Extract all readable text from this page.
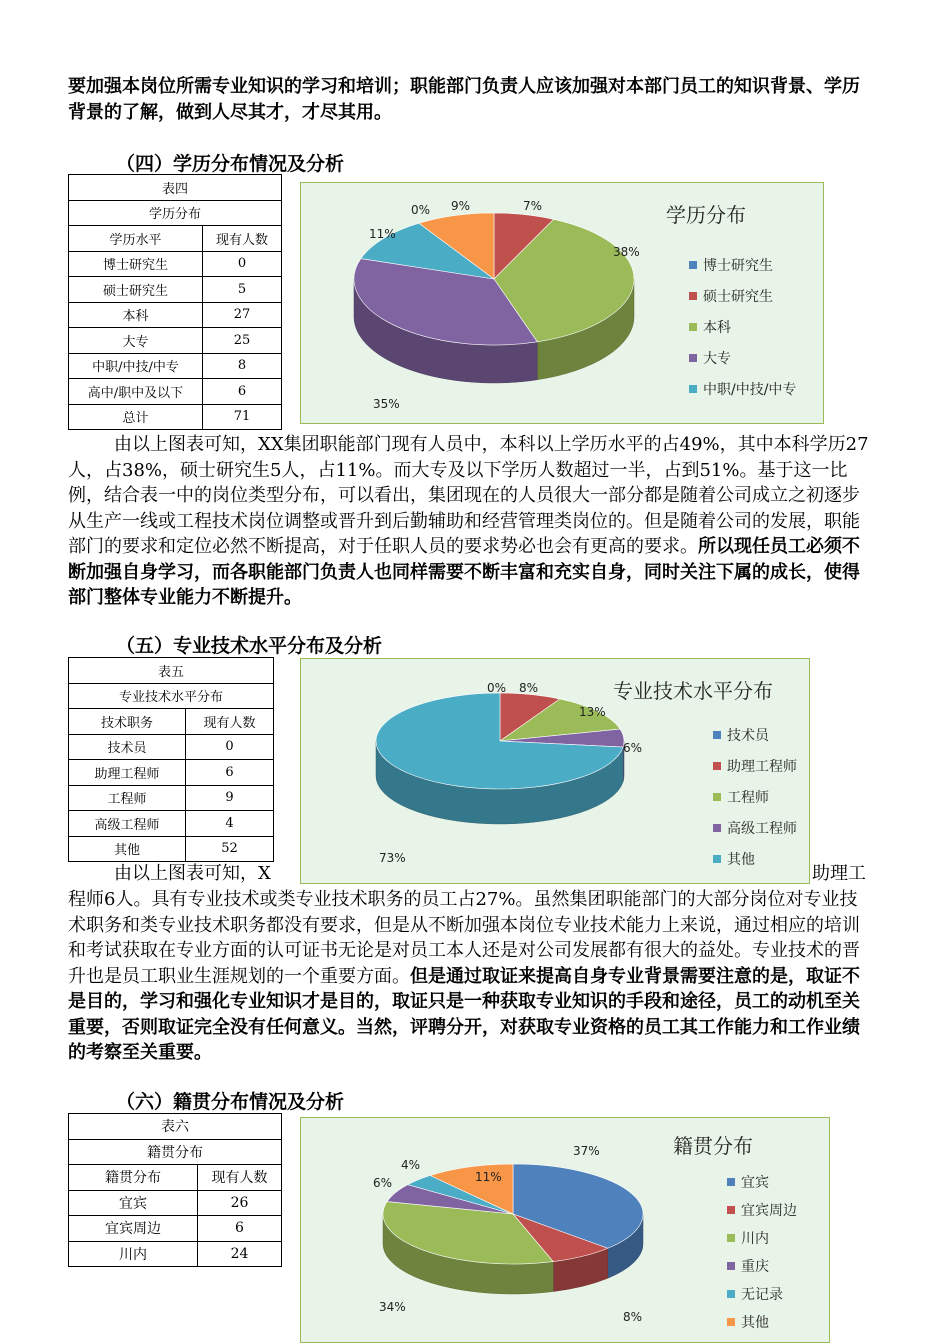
要加强本岗位所需专业知识的学习和培训；职能部门负责人应该加强对本部门员工的知识背景、学历背景的了解，做到人尽其才，才尽其用。
（四）学历分布情况及分析
表四	
学历分布	
学历水平	现有人数
博士研究生	0
硕士研究生	5
本科	27
大专	25
中职/中技/中专	8
高中/职中及以下	6
总计	71
学历分布
0%	7%
38%
35%
11%
9%
博士研究生
硕士研究生
本科
大专
中职/中技/中专
由以上图表可知，XX集团职能部门现有人员中，本科以上学历水平的占49%，其中本科学历27人，占38%，硕士研究生5人，占11%。而大专及以下学历人数超过一半，占到51%。基于这一比例，结合表一中的岗位类型分布，可以看出，集团现在的人员很大一部分都是随着公司成立之初逐步从生产一线或工程技术岗位调整或晋升到后勤辅助和经营管理类岗位的。但是随着公司的发展，职能部门的要求和定位必然不断提高，对于任职人员的要求势必也会有更高的要求。所以现任员工必须不断加强自身学习，而各职能部门负责人也同样需要不断丰富和充实自身，同时关注下属的成长，使得部门整体专业能力不断提升。
（五）专业技术水平分布及分析
表五	
专业技术水平分布	
技术职务	现有人数
技术员	0
助理工程师	6
工程师	9
高级工程师	4
其他	52
由以上图表可知，X	助理工
专业技术水平分布
0% 8%
13%
6%
73%
技术员
助理工程师
工程师
高级工程师
其他
程师6人。具有专业技术或类专业技术职务的员工占27%。虽然集团职能部门的大部分岗位对专业技术职务和类专业技术职务都没有要求，但是从不断加强本岗位专业技术能力上来说，通过相应的培训和考试获取在专业方面的认可证书无论是对员工本人还是对公司发展都有很大的益处。专业技术的晋升也是员工职业生涯规划的一个重要方面。但是通过取证来提高自身专业背景需要注意的是，取证不是目的，学习和强化专业知识才是目的，取证只是一种获取专业知识的手段和途径，员工的动机至关重要，否则取证完全没有任何意义。当然，评聘分开，对获取专业资格的员工其工作能力和工作业绩的考察至关重要。
（六）籍贯分布情况及分析
表六	
籍贯分布	
籍贯分布	现有人数
宜宾	26
宜宾周边	6
川内	24
籍贯分布
37%
8%
34%
6%
4%
11%	宜宾
宜宾周边
川内
重庆
无记录
其他
